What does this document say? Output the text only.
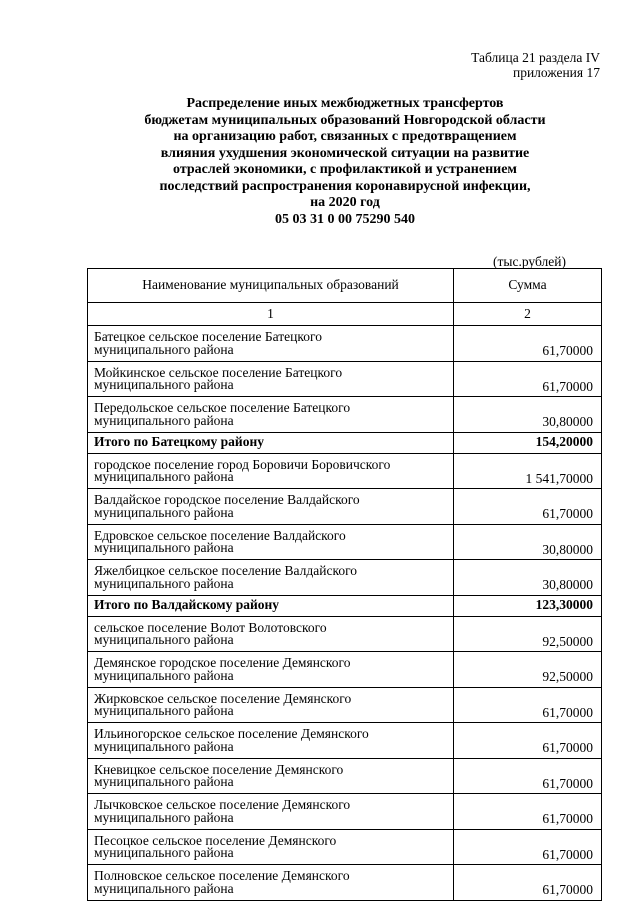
Таблица 21 раздела IV
приложения 17
Распределение иных межбюджетных трансфертов
бюджетам муниципальных образований Новгородской области
на организацию работ, связанных с предотвращением
влияния ухудшения экономической ситуации на развитие
отраслей экономики, с профилактикой и устранением
последствий распространения коронавирусной инфекции,
на 2020 год
05 03 31 0 00 75290 540
(тыс.рублей)
Наименование муниципальных образований	Сумма
1	2

Батецкое сельское поселение Батецкого
муниципального района	61,70000

Мойкинское сельское поселение Батецкого
муниципального района	61,70000

Передольское сельское поселение Батецкого
муниципального района	30,80000
Итого по Батецкому району	154,20000

городское поселение город Боровичи Боровичского
муниципального района	1 541,70000

Валдайское городское поселение Валдайского
муниципального района	61,70000

Едровское сельское поселение Валдайского
муниципального района	30,80000

Яжелбицкое сельское поселение Валдайского
муниципального района	30,80000
Итого по Валдайскому району	123,30000

сельское поселение Волот Волотовского
муниципального района	92,50000

Демянское городское поселение Демянского
муниципального района	92,50000

Жирковское сельское поселение Демянского
муниципального района	61,70000

Ильиногорское сельское поселение Демянского
муниципального района	61,70000

Кневицкое сельское поселение Демянского
муниципального района	61,70000

Лычковское сельское поселение Демянского
муниципального района	61,70000

Песоцкое сельское поселение Демянского
муниципального района	61,70000

Полновское сельское поселение Демянского
муниципального района	61,70000
